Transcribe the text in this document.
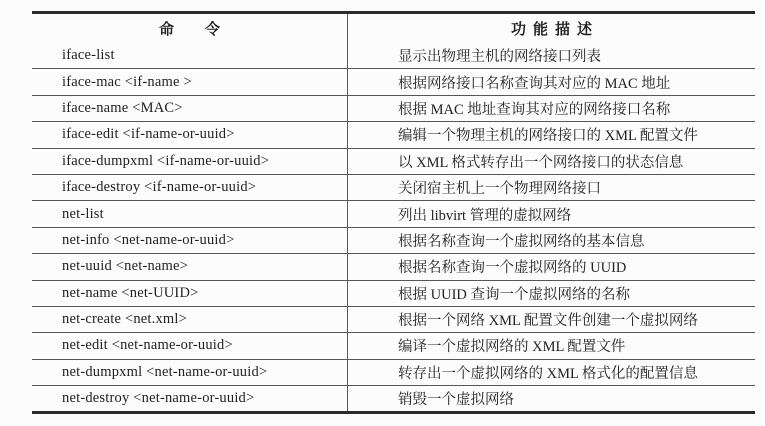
命　令	功能描述
iface-list	显示出物理主机的网络接口列表
iface-mac <if-name >	根据网络接口名称查询其对应的 MAC 地址
iface-name <MAC>	根据 MAC 地址查询其对应的网络接口名称
iface-edit <if-name-or-uuid>	编辑一个物理主机的网络接口的 XML 配置文件
iface-dumpxml <if-name-or-uuid>	以 XML 格式转存出一个网络接口的状态信息
iface-destroy <if-name-or-uuid>	关闭宿主机上一个物理网络接口
net-list	列出 libvirt 管理的虚拟网络
net-info <net-name-or-uuid>	根据名称查询一个虚拟网络的基本信息
net-uuid <net-name>	根据名称查询一个虚拟网络的 UUID
net-name <net-UUID>	根据 UUID 查询一个虚拟网络的名称
net-create <net.xml>	根据一个网络 XML 配置文件创建一个虚拟网络
net-edit <net-name-or-uuid>	编译一个虚拟网络的 XML 配置文件
net-dumpxml <net-name-or-uuid>	转存出一个虚拟网络的 XML 格式化的配置信息
net-destroy <net-name-or-uuid>	销毁一个虚拟网络
